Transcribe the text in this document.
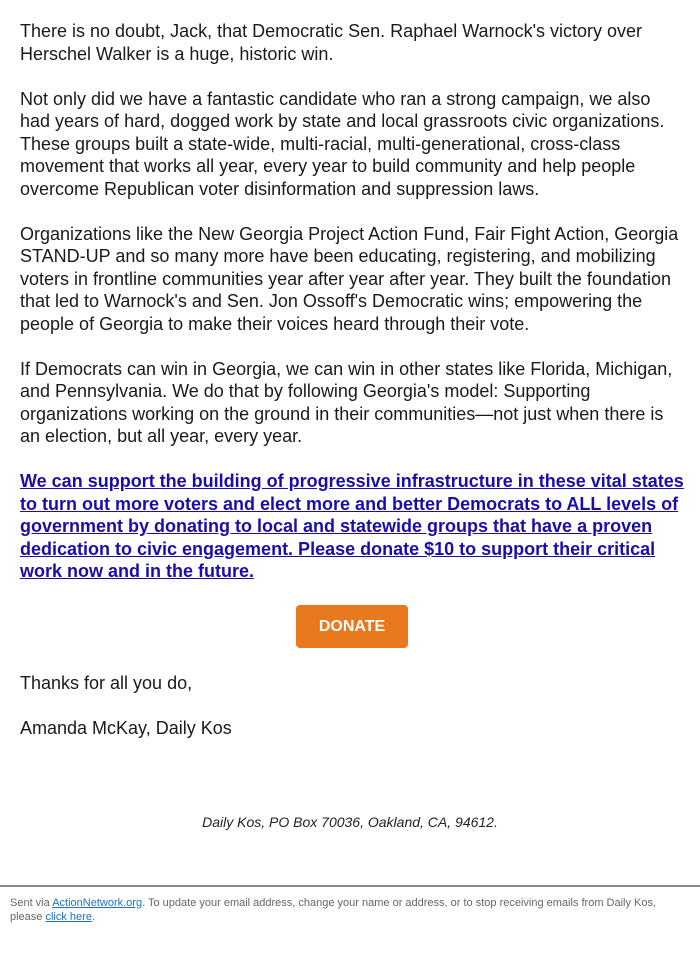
There is no doubt, Jack, that Democratic Sen. Raphael Warnock's victory over Herschel Walker is a huge, historic win.

Not only did we have a fantastic candidate who ran a strong campaign, we also had years of hard, dogged work by state and local grassroots civic organizations. These groups built a state-wide, multi-racial, multi-generational, cross-class movement that works all year, every year to build community and help people overcome Republican voter disinformation and suppression laws.

Organizations like the New Georgia Project Action Fund, Fair Fight Action, Georgia STAND-UP and so many more have been educating, registering, and mobilizing voters in frontline communities year after year after year. They built the foundation that led to Warnock's and Sen. Jon Ossoff's Democratic wins; empowering the people of Georgia to make their voices heard through their vote.

If Democrats can win in Georgia, we can win in other states like Florida, Michigan, and Pennsylvania. We do that by following Georgia's model: Supporting organizations working on the ground in their communities—not just when there is an election, but all year, every year.

We can support the building of progressive infrastructure in these vital states to turn out more voters and elect more and better Democrats to ALL levels of government by donating to local and statewide groups that have a proven dedication to civic engagement. Please donate $10 to support their critical work now and in the future.
DONATE

Thanks for all you do,

Amanda McKay, Daily Kos

Daily Kos, PO Box 70036, Oakland, CA, 94612.
Sent via ActionNetwork.org. To update your email address, change your name or address, or to stop receiving emails from Daily Kos, please click here.
